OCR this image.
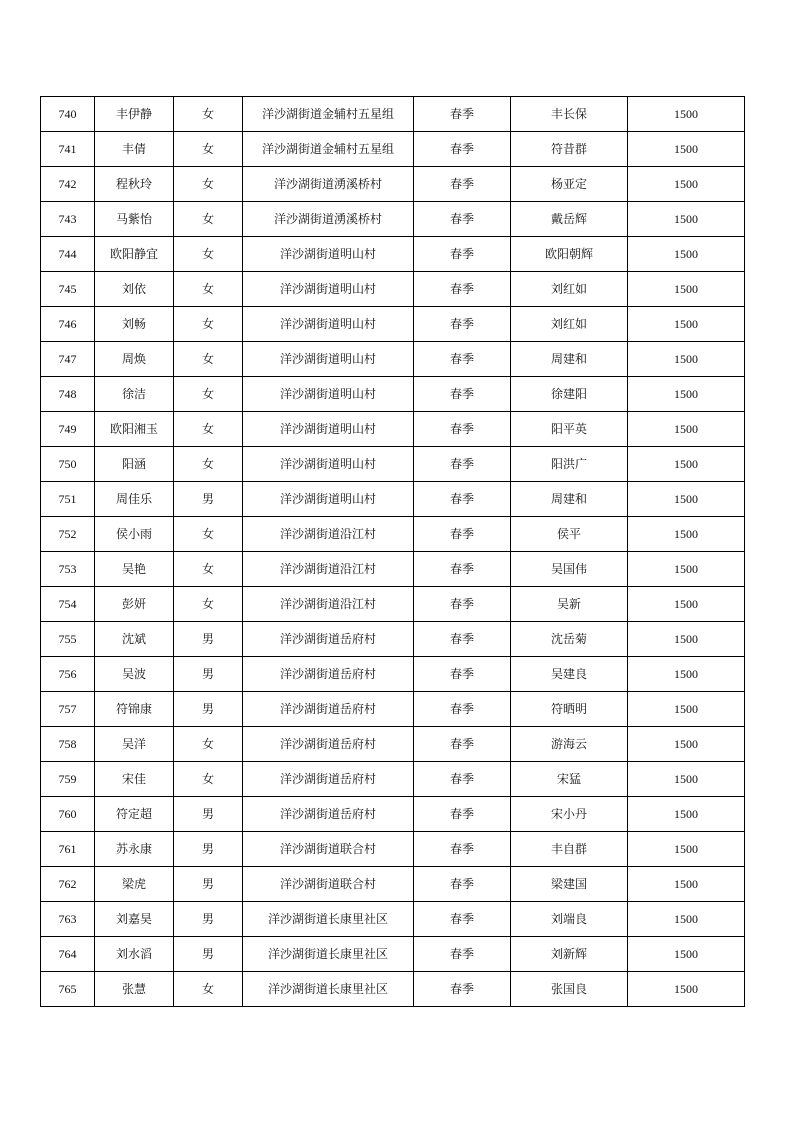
740	丰伊静	女	洋沙湖街道金辅村五星组	春季	丰长保	1500
741	丰倩	女	洋沙湖街道金辅村五星组	春季	符昔群	1500
742	程秋玲	女	洋沙湖街道湧溪桥村	春季	杨亚定	1500
743	马紫怡	女	洋沙湖街道湧溪桥村	春季	戴岳辉	1500
744	欧阳静宜	女	洋沙湖街道明山村	春季	欧阳朝辉	1500
745	刘依	女	洋沙湖街道明山村	春季	刘红如	1500
746	刘畅	女	洋沙湖街道明山村	春季	刘红如	1500
747	周焕	女	洋沙湖街道明山村	春季	周建和	1500
748	徐洁	女	洋沙湖街道明山村	春季	徐建阳	1500
749	欧阳湘玉	女	洋沙湖街道明山村	春季	阳平英	1500
750	阳涵	女	洋沙湖街道明山村	春季	阳洪广	1500
751	周佳乐	男	洋沙湖街道明山村	春季	周建和	1500
752	侯小雨	女	洋沙湖街道沿江村	春季	侯平	1500
753	吴艳	女	洋沙湖街道沿江村	春季	吴国伟	1500
754	彭妍	女	洋沙湖街道沿江村	春季	吴新	1500
755	沈斌	男	洋沙湖街道岳府村	春季	沈岳菊	1500
756	吴波	男	洋沙湖街道岳府村	春季	吴建良	1500
757	符锦康	男	洋沙湖街道岳府村	春季	符晒明	1500
758	吴洋	女	洋沙湖街道岳府村	春季	游海云	1500
759	宋佳	女	洋沙湖街道岳府村	春季	宋猛	1500
760	符定超	男	洋沙湖街道岳府村	春季	宋小丹	1500
761	苏永康	男	洋沙湖街道联合村	春季	丰自群	1500
762	梁虎	男	洋沙湖街道联合村	春季	梁建国	1500
763	刘嘉昊	男	洋沙湖街道长康里社区	春季	刘端良	1500
764	刘水滔	男	洋沙湖街道长康里社区	春季	刘新辉	1500
765	张慧	女	洋沙湖街道长康里社区	春季	张国良	1500
